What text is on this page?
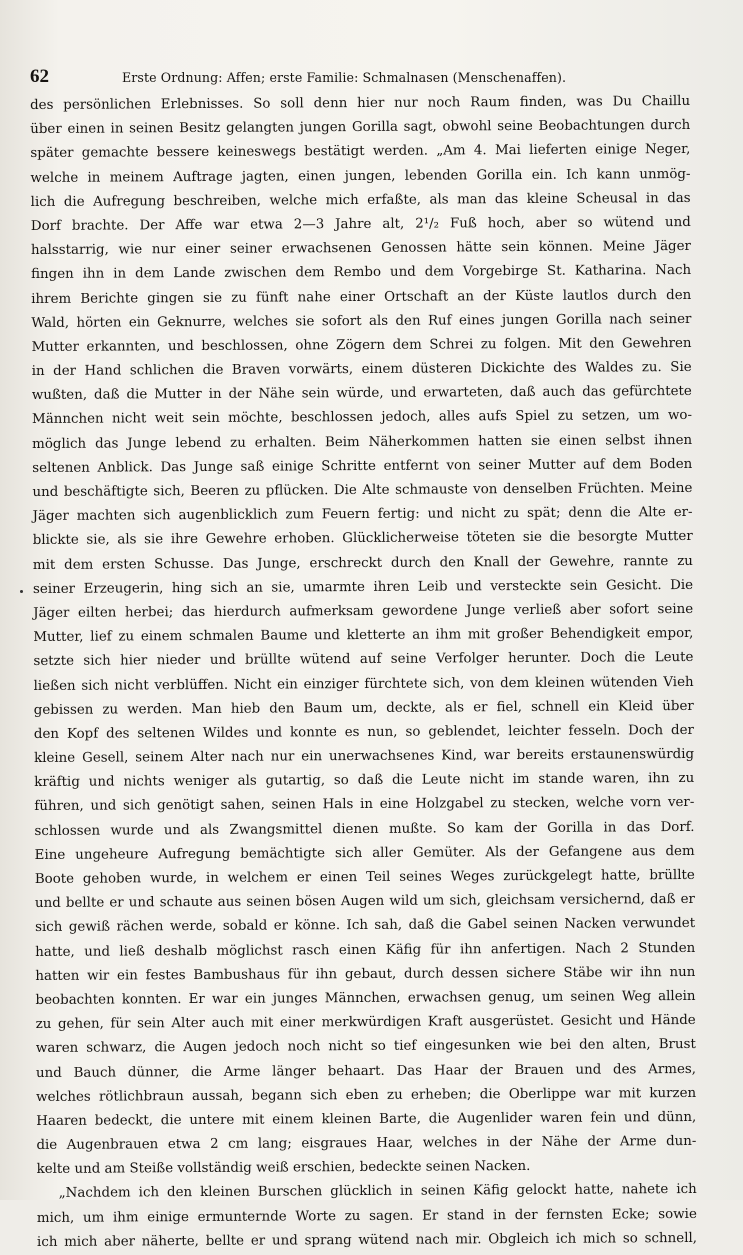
62	Erste Ordnung: Affen; erste Familie: Schmalnasen (Menschenaffen).
des persönlichen Erlebnisses. So soll denn hier nur noch Raum finden, was Du Chaillu
über einen in seinen Besitz gelangten jungen Gorilla sagt, obwohl seine Beobachtungen durch
später gemachte bessere keineswegs bestätigt werden. „Am 4. Mai lieferten einige Neger,
welche in meinem Auftrage jagten, einen jungen, lebenden Gorilla ein. Ich kann unmög-
lich die Aufregung beschreiben, welche mich erfaßte, als man das kleine Scheusal in das
Dorf brachte. Der Affe war etwa 2—3 Jahre alt, 2¹/₂ Fuß hoch, aber so wütend und
halsstarrig, wie nur einer seiner erwachsenen Genossen hätte sein können. Meine Jäger
fingen ihn in dem Lande zwischen dem Rembo und dem Vorgebirge St. Katharina. Nach
ihrem Berichte gingen sie zu fünft nahe einer Ortschaft an der Küste lautlos durch den
Wald, hörten ein Geknurre, welches sie sofort als den Ruf eines jungen Gorilla nach seiner
Mutter erkannten, und beschlossen, ohne Zögern dem Schrei zu folgen. Mit den Gewehren
in der Hand schlichen die Braven vorwärts, einem düsteren Dickichte des Waldes zu. Sie
wußten, daß die Mutter in der Nähe sein würde, und erwarteten, daß auch das gefürchtete
Männchen nicht weit sein möchte, beschlossen jedoch, alles aufs Spiel zu setzen, um wo-
möglich das Junge lebend zu erhalten. Beim Näherkommen hatten sie einen selbst ihnen
seltenen Anblick. Das Junge saß einige Schritte entfernt von seiner Mutter auf dem Boden
und beschäftigte sich, Beeren zu pflücken. Die Alte schmauste von denselben Früchten. Meine
Jäger machten sich augenblicklich zum Feuern fertig: und nicht zu spät; denn die Alte er-
blickte sie, als sie ihre Gewehre erhoben. Glücklicherweise töteten sie die besorgte Mutter
mit dem ersten Schusse. Das Junge, erschreckt durch den Knall der Gewehre, rannte zu
seiner Erzeugerin, hing sich an sie, umarmte ihren Leib und versteckte sein Gesicht. Die
Jäger eilten herbei; das hierdurch aufmerksam gewordene Junge verließ aber sofort seine
Mutter, lief zu einem schmalen Baume und kletterte an ihm mit großer Behendigkeit empor,
setzte sich hier nieder und brüllte wütend auf seine Verfolger herunter. Doch die Leute
ließen sich nicht verblüffen. Nicht ein einziger fürchtete sich, von dem kleinen wütenden Vieh
gebissen zu werden. Man hieb den Baum um, deckte, als er fiel, schnell ein Kleid über
den Kopf des seltenen Wildes und konnte es nun, so geblendet, leichter fesseln. Doch der
kleine Gesell, seinem Alter nach nur ein unerwachsenes Kind, war bereits erstaunenswürdig
kräftig und nichts weniger als gutartig, so daß die Leute nicht im stande waren, ihn zu
führen, und sich genötigt sahen, seinen Hals in eine Holzgabel zu stecken, welche vorn ver-
schlossen wurde und als Zwangsmittel dienen mußte. So kam der Gorilla in das Dorf.
Eine ungeheure Aufregung bemächtigte sich aller Gemüter. Als der Gefangene aus dem
Boote gehoben wurde, in welchem er einen Teil seines Weges zurückgelegt hatte, brüllte
und bellte er und schaute aus seinen bösen Augen wild um sich, gleichsam versichernd, daß er
sich gewiß rächen werde, sobald er könne. Ich sah, daß die Gabel seinen Nacken verwundet
hatte, und ließ deshalb möglichst rasch einen Käfig für ihn anfertigen. Nach 2 Stunden
hatten wir ein festes Bambushaus für ihn gebaut, durch dessen sichere Stäbe wir ihn nun
beobachten konnten. Er war ein junges Männchen, erwachsen genug, um seinen Weg allein
zu gehen, für sein Alter auch mit einer merkwürdigen Kraft ausgerüstet. Gesicht und Hände
waren schwarz, die Augen jedoch noch nicht so tief eingesunken wie bei den alten, Brust
und Bauch dünner, die Arme länger behaart. Das Haar der Brauen und des Armes,
welches rötlichbraun aussah, begann sich eben zu erheben; die Oberlippe war mit kurzen
Haaren bedeckt, die untere mit einem kleinen Barte, die Augenlider waren fein und dünn,
die Augenbrauen etwa 2 cm lang; eisgraues Haar, welches in der Nähe der Arme dun-
kelte und am Steiße vollständig weiß erschien, bedeckte seinen Nacken.
„Nachdem ich den kleinen Burschen glücklich in seinen Käfig gelockt hatte, nahete ich
mich, um ihm einige ermunternde Worte zu sagen. Er stand in der fernsten Ecke; sowie
ich mich aber näherte, bellte er und sprang wütend nach mir. Obgleich ich mich so schnell,
